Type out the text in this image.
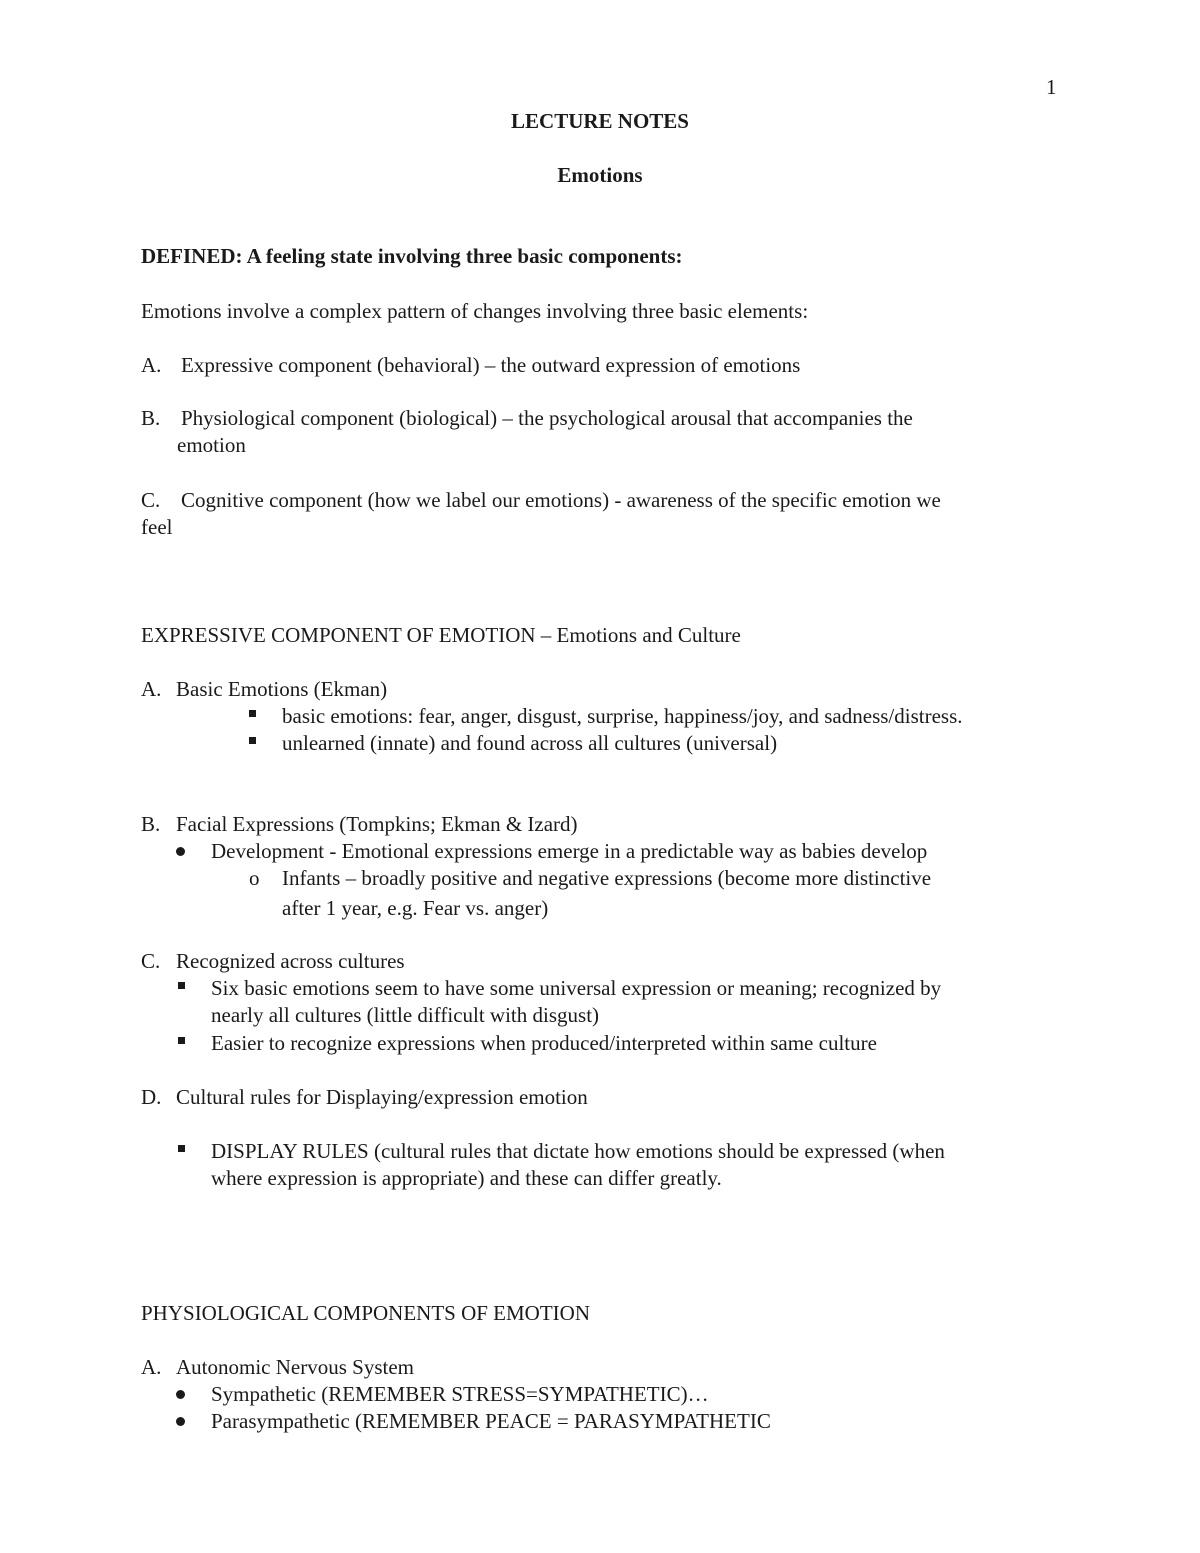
1
LECTURE NOTES
Emotions
DEFINED: A feeling state involving three basic components:
Emotions involve a complex pattern of changes involving three basic elements:
A. Expressive component (behavioral) – the outward expression of emotions
B. Physiological component (biological) – the psychological arousal that accompanies the
emotion
C. Cognitive component (how we label our emotions) - awareness of the specific emotion we
feel
EXPRESSIVE COMPONENT OF EMOTION – Emotions and Culture
A. Basic Emotions (Ekman)
basic emotions: fear, anger, disgust, surprise, happiness/joy, and sadness/distress.
unlearned (innate) and found across all cultures (universal)
B. Facial Expressions (Tompkins; Ekman & Izard)
Development - Emotional expressions emerge in a predictable way as babies develop
o Infants – broadly positive and negative expressions (become more distinctive
after 1 year, e.g. Fear vs. anger)
C. Recognized across cultures
Six basic emotions seem to have some universal expression or meaning; recognized by
nearly all cultures (little difficult with disgust)
Easier to recognize expressions when produced/interpreted within same culture
D. Cultural rules for Displaying/expression emotion
DISPLAY RULES (cultural rules that dictate how emotions should be expressed (when
where expression is appropriate) and these can differ greatly.
PHYSIOLOGICAL COMPONENTS OF EMOTION
A. Autonomic Nervous System
Sympathetic (REMEMBER STRESS=SYMPATHETIC)…
Parasympathetic (REMEMBER PEACE = PARASYMPATHETIC
